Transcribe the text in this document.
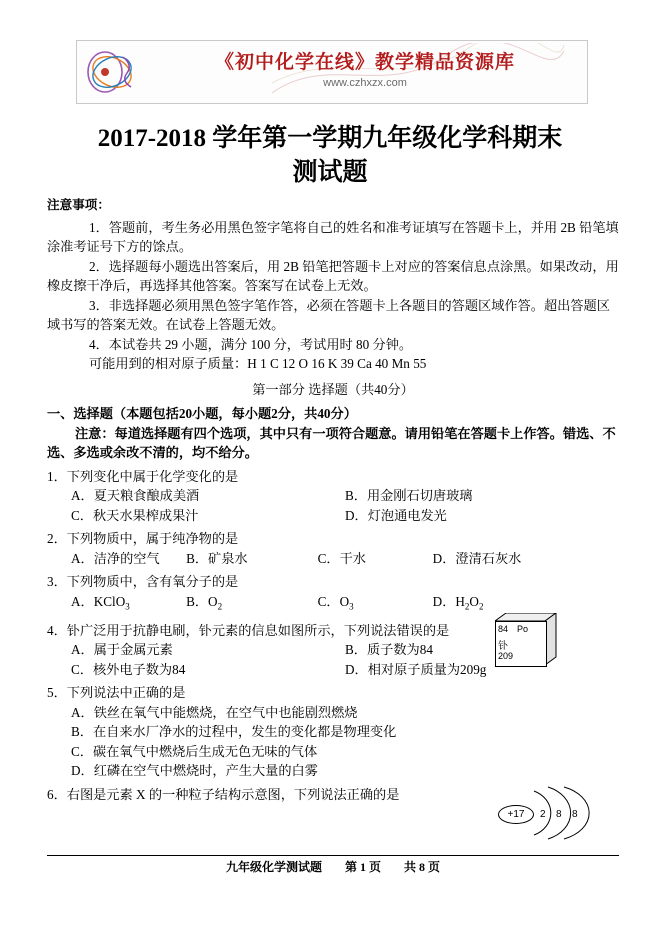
《初中化学在线》教学精品资源库
www.czhxzx.com
2017-2018 学年第一学期九年级化学科期末
测试题

注意事项：

1．答题前，考生务必用黑色签字笔将自己的姓名和准考证填写在答题卡上，并用 2B 铅笔填涂准考证号下方的馀点。

2．选择题每小题选出答案后，用 2B 铅笔把答题卡上对应的答案信息点涂黑。如果改动，用橡皮擦干净后，再选择其他答案。答案写在试卷上无效。

3．非选择题必须用黑色签字笔作答，必须在答题卡上各题目的答题区域作答。超出答题区域书写的答案无效。在试卷上答题无效。

4．本试卷共 29 小题，满分 100 分，考试用时 80 分钟。

可能用到的相对原子质量：H 1 C 12 O 16 K 39 Ca 40 Mn 55

第一部分 选择题（共40分）

一、选择题（本题包括20小题，每小题2分，共40分）

注意：每道选择题有四个选项，其中只有一项符合题意。请用铅笔在答题卡上作答。错选、不选、多选或余改不清的，均不给分。

1．下列变化中属于化学变化的是

A．夏天粮食酿成美酒	B．用金刚石切唐玻璃
C．秋天水果榨成果汁	D．灯泡通电发光

2．下列物质中，属于纯净物的是

A．洁净的空气	B．矿泉水	C．干水	D．澄清石灰水

3．下列物质中，含有氧分子的是

A．KClO$_3$	B．$O_2$	C．$O_3$	D．$H_2O_2$

4．钋广泛用于抗静电刷，钋元素的信息如图所示，下列说法错误的是

A．属于金属元素	B．质子数为84
C．核外电子数为84	D．相对原子质量为209g

5．下列说法中正确的是

A．铁丝在氧气中能燃烧，在空气中也能剧烈燃烧
B．在自来水厂净水的过程中，发生的变化都是物理变化
C．碳在氧气中燃烧后生成无色无味的气体
D．红磷在空气中燃烧时，产生大量的白雾

6．右图是元素 X 的一种粒子结构示意图，下列说法正确的是

84 Po
钋
209
+17	2 8 8
九年级化学测试题 第 1 页 共 8 页
